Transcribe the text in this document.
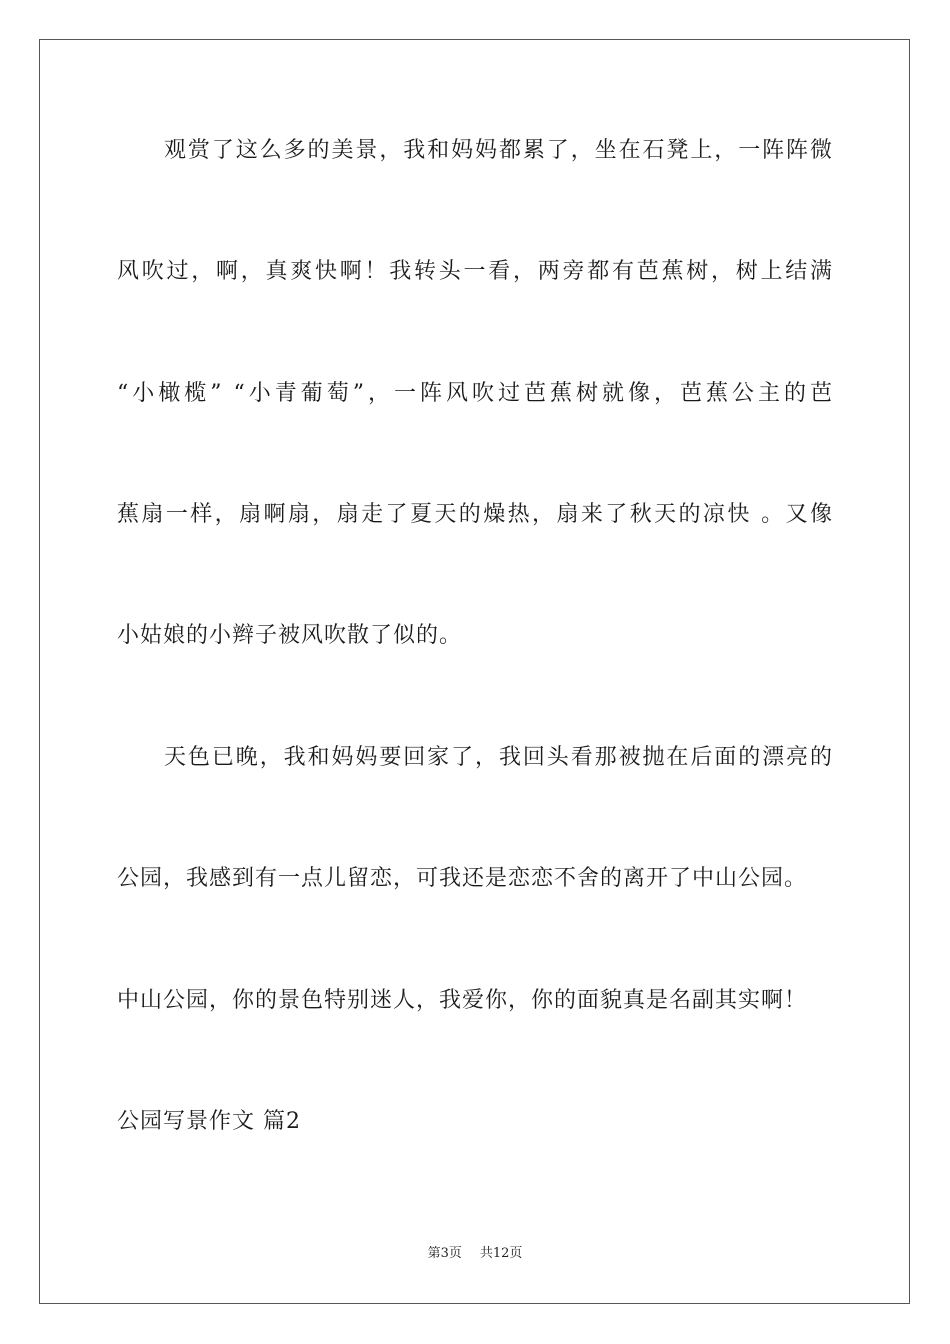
观赏了这么多的美景，我和妈妈都累了，坐在石凳上，一阵阵微
风吹过，啊，真爽快啊！我转头一看，两旁都有芭蕉树，树上结满
“小橄榄” “小青葡萄”，一阵风吹过芭蕉树就像，芭蕉公主的芭
蕉扇一样，扇啊扇，扇走了夏天的燥热，扇来了秋天的凉快 。又像
小姑娘的小辫子被风吹散了似的。
天色已晚，我和妈妈要回家了，我回头看那被抛在后面的漂亮的
公园，我感到有一点儿留恋，可我还是恋恋不舍的离开了中山公园。
中山公园，你的景色特别迷人，我爱你，你的面貌真是名副其实啊！
公园写景作文 篇2
第3页 共12页
